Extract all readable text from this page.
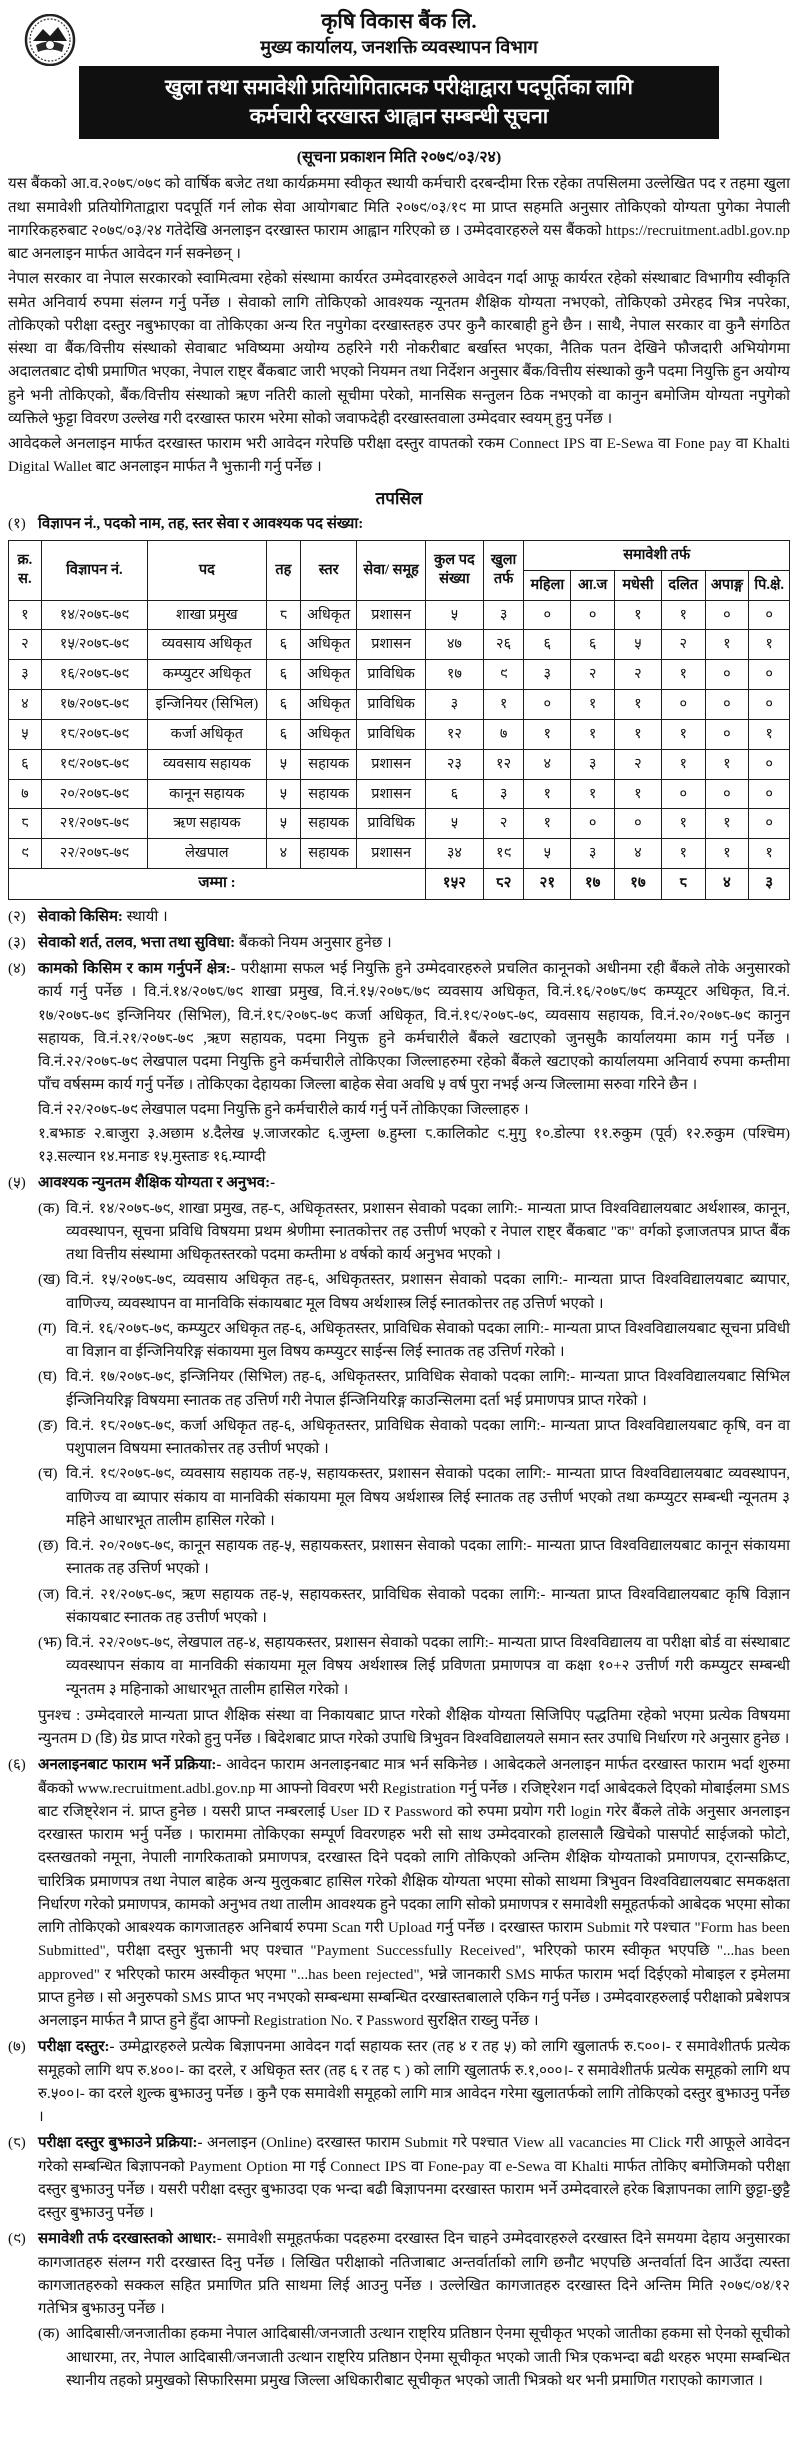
कृषि विकास बैंक लि.
मुख्य कार्यालय, जनशक्ति व्यवस्थापन विभाग
खुला तथा समावेशी प्रतियोगितात्मक परीक्षाद्वारा पदपूर्तिका लागि
कर्मचारी दरखास्त आह्वान सम्बन्धी सूचना
(सूचना प्रकाशन मिति २०७९/०३/२४)

यस बैंकको आ.व.२०७८/०७९ को वार्षिक बजेट तथा कार्यक्रममा स्वीकृत स्थायी कर्मचारी दरबन्दीमा रिक्त रहेका तपसिलमा उल्लेखित पद र तहमा खुला तथा समावेशी प्रतियोगिताद्वारा पदपूर्ति गर्न लोक सेवा आयोगबाट मिति २०७९/०३/१९ मा प्राप्त सहमति अनुसार तोकिएको योग्यता पुगेका नेपाली नागरिकहरुबाट २०७९/०३/२४ गतेदेखि अनलाइन दरखास्त फाराम आह्वान गरिएको छ । उम्मेदवारहरुले यस बैंकको https://recruitment.adbl.gov.np बाट अनलाइन मार्फत आवेदन गर्न सक्नेछन् ।

नेपाल सरकार वा नेपाल सरकारको स्वामित्वमा रहेको संस्थामा कार्यरत उम्मेदवारहरुले आवेदन गर्दा आफू कार्यरत रहेको संस्थाबाट विभागीय स्वीकृति समेत अनिवार्य रुपमा संलग्न गर्नु पर्नेछ । सेवाको लागि तोकिएको आवश्यक न्यूनतम शैक्षिक योग्यता नभएको, तोकिएको उमेरहद भित्र नपरेका, तोकिएको परीक्षा दस्तुर नबुझाएका वा तोकिएका अन्य रित नपुगेका दरखास्तहरु उपर कुनै कारबाही हुने छैन । साथै, नेपाल सरकार वा कुनै संगठित संस्था वा बैंक/वित्तीय संस्थाको सेवाबाट भविष्यमा अयोग्य ठहरिने गरी नोकरीबाट बर्खास्त भएका, नैतिक पतन देखिने फौजदारी अभियोगमा अदालतबाट दोषी प्रमाणित भएका, नेपाल राष्ट्र बैंकबाट जारी भएको नियमन तथा निर्देशन अनुसार बैंक/वित्तीय संस्थाको कुनै पदमा नियुक्ति हुन अयोग्य हुने भनी तोकिएको, बैंक/वित्तीय संस्थाको ऋण नतिरी कालो सूचीमा परेको, मानसिक सन्तुलन ठिक नभएको वा कानुन बमोजिम योग्यता नपुगेको व्यक्तिले झुट्टा विवरण उल्लेख गरी दरखास्त फारम भरेमा सोको जवाफदेही दरखास्तवाला उम्मेदवार स्वयम् हुनु पर्नेछ ।

आवेदकले अनलाइन मार्फत दरखास्त फाराम भरी आवेदन गरेपछि परीक्षा दस्तुर वापतको रकम Connect IPS वा E-Sewa वा Fone pay वा Khalti Digital Wallet बाट अनलाइन मार्फत नै भुक्तानी गर्नु पर्नेछ ।

तपसिल
(१) विज्ञापन नं., पदको नाम, तह, स्तर सेवा र आवश्यक पद संख्या:

क्र. स.	विज्ञापन नं.	पद	तह	स्तर	सेवा/ समूह	कुल पद संख्या	खुला तर्फ	समावेशी तर्फ					
								महिला	आ.ज	मधेसी	दलित	अपाङ्ग	पि.क्षे.
१	१४/२०७८-७९	शाखा प्रमुख	८	अधिकृत	प्रशासन	५	३	०	०	१	१	०	०
२	१५/२०७८-७९	व्यवसाय अधिकृत	६	अधिकृत	प्रशासन	४७	२६	६	६	५	२	१	१
३	१६/२०७८-७९	कम्प्युटर अधिकृत	६	अधिकृत	प्राविधिक	१७	९	३	२	२	१	०	०
४	१७/२०७८-७९	इन्जिनियर (सिभिल)	६	अधिकृत	प्राविधिक	३	१	०	१	१	०	०	०
५	१८/२०७८-७९	कर्जा अधिकृत	६	अधिकृत	प्राविधिक	१२	७	१	१	१	१	०	१
६	१९/२०७८-७९	व्यवसाय सहायक	५	सहायक	प्रशासन	२३	१२	४	३	२	१	१	०
७	२०/२०७८-७९	कानून सहायक	५	सहायक	प्रशासन	६	३	१	१	१	०	०	०
८	२१/२०७८-७९	ऋण सहायक	५	सहायक	प्राविधिक	५	२	१	०	०	१	१	०
९	२२/२०७८-७९	लेखपाल	४	सहायक	प्रशासन	३४	१९	५	३	४	१	१	१
जम्मा :						१५२	८२	२१	१७	१७	८	४	३
(२) सेवाको किसिम: स्थायी ।

(३) सेवाको शर्त, तलव, भत्ता तथा सुविधा: बैंकको नियम अनुसार हुनेछ ।

(४) कामको किसिम र काम गर्नुपर्ने क्षेत्र:- परीक्षामा सफल भई नियुक्ति हुने उम्मेदवारहरुले प्रचलित कानूनको अधीनमा रही बैंकले तोके अनुसारको कार्य गर्नु पर्नेछ । वि.नं.१४/२०७८/७९ शाखा प्रमुख, वि.नं.१५/२०७८/७९ व्यवसाय अधिकृत, वि.नं.१६/२०७८/७९ कम्प्यूटर अधिकृत, वि.नं. १७/२०७८-७९ इन्जिनियर (सिभिल), वि.नं.१८/२०७८-७९ कर्जा अधिकृत, वि.नं.१९/२०७८-७९, व्यवसाय सहायक, वि.नं.२०/२०७८-७९ कानुन सहायक, वि.नं.२१/२०७८-७९ ,ऋण सहायक, पदमा नियुक्त हुने कर्मचारीले बैंकले खटाएको जुनसुकै कार्यालयमा काम गर्नु पर्नेछ । वि.नं.२२/२०७८-७९ लेखपाल पदमा नियुक्ति हुने कर्मचारीले तोकिएका जिल्लाहरुमा रहेको बैंकले खटाएको कार्यालयमा अनिवार्य रुपमा कम्तीमा पाँच वर्षसम्म कार्य गर्नु पर्नेछ । तोकिएका देहायका जिल्ला बाहेक सेवा अवधि ५ वर्ष पुरा नभई अन्य जिल्लामा सरुवा गरिने छैन ।

वि.नं २२/२०७८-७९ लेखपाल पदमा नियुक्ति हुने कर्मचारीले कार्य गर्नु पर्ने तोकिएका जिल्लाहरु ।

१.बझाङ २.बाजुरा ३.अछाम ४.दैलेख ५.जाजरकोट ६.जुम्ला ७.हुम्ला ८.कालिकोट ९.मुगु १०.डोल्पा ११.रुकुम (पूर्व) १२.रुकुम (पश्चिम) १३.सल्यान १४.मनाङ १५.मुस्ताङ १६.म्याग्दी

(५) आवश्यक न्युनतम शैक्षिक योग्यता र अनुभव:-

(क) वि.नं. १४/२०७८-७९, शाखा प्रमुख, तह-८, अधिकृतस्तर, प्रशासन सेवाको पदका लागि:- मान्यता प्राप्त विश्वविद्यालयबाट अर्थशास्त्र, कानून, व्यवस्थापन, सूचना प्रविधि विषयमा प्रथम श्रेणीमा स्नातकोत्तर तह उत्तीर्ण भएको र नेपाल राष्ट्र बैंकबाट "क" वर्गको इजाजतपत्र प्राप्त बैंक तथा वित्तीय संस्थामा अधिकृतस्तरको पदमा कम्तीमा ४ वर्षको कार्य अनुभव भएको ।

(ख) वि.नं. १५/२०७८-७९, व्यवसाय अधिकृत तह-६, अधिकृतस्तर, प्रशासन सेवाको पदका लागि:- मान्यता प्राप्त विश्वविद्यालयबाट ब्यापार, वाणिज्य, व्यवस्थापन वा मानविकि संकायबाट मूल विषय अर्थशास्त्र लिई स्नातकोत्तर तह उत्तिर्ण भएको ।

(ग) वि.नं. १६/२०७८-७९, कम्प्युटर अधिकृत तह-६, अधिकृतस्तर, प्राविधिक सेवाको पदका लागि:- मान्यता प्राप्त विश्वविद्यालयबाट सूचना प्रविधी वा विज्ञान वा ईन्जिनियरिङ्ग संकायमा मुल विषय कम्प्युटर साईन्स लिई स्नातक तह उत्तिर्ण गरेको ।

(घ) वि.नं. १७/२०७८-७९, इन्जिनियर (सिभिल) तह-६, अधिकृतस्तर, प्राविधिक सेवाको पदका लागि:- मान्यता प्राप्त विश्वविद्यालयबाट सिभिल ईन्जिनियरिङ्ग विषयमा स्नातक तह उत्तिर्ण गरी नेपाल ईन्जिनियरिङ्ग काउन्सिलमा दर्ता भई प्रमाणपत्र प्राप्त गरेको ।

(ङ) वि.नं. १८/२०७८-७९, कर्जा अधिकृत तह-६, अधिकृतस्तर, प्राविधिक सेवाको पदका लागि:- मान्यता प्राप्त विश्वविद्यालयबाट कृषि, वन वा पशुपालन विषयमा स्नातकोत्तर तह उत्तीर्ण भएको ।

(च) वि.नं. १९/२०७८-७९, व्यवसाय सहायक तह-५, सहायकस्तर, प्रशासन सेवाको पदका लागि:- मान्यता प्राप्त विश्वविद्यालयबाट व्यवस्थापन, वाणिज्य वा ब्यापार संकाय वा मानविकी संकायमा मूल विषय अर्थशास्त्र लिई स्नातक तह उत्तीर्ण भएको तथा कम्प्युटर सम्बन्धी न्यूनतम ३ महिने आधारभूत तालीम हासिल गरेको ।

(छ) वि.नं. २०/२०७८-७९, कानून सहायक तह-५, सहायकस्तर, प्रशासन सेवाको पदका लागि:- मान्यता प्राप्त विश्वविद्यालयबाट कानून संकायमा स्नातक तह उत्तिर्ण भएको ।

(ज) वि.नं. २१/२०७८-७९, ऋण सहायक तह-५, सहायकस्तर, प्राविधिक सेवाको पदका लागि:- मान्यता प्राप्त विश्वविद्यालयबाट कृषि विज्ञान संकायबाट स्नातक तह उत्तीर्ण भएको ।

(झ) वि.नं. २२/२०७८-७९, लेखपाल तह-४, सहायकस्तर, प्रशासन सेवाको पदका लागि:- मान्यता प्राप्त विश्वविद्यालय वा परीक्षा बोर्ड वा संस्थाबाट व्यवस्थापन संकाय वा मानविकी संकायमा मूल विषय अर्थशास्त्र लिई प्रविणता प्रमाणपत्र वा कक्षा १०+२ उत्तीर्ण गरी कम्प्युटर सम्बन्धी न्यूनतम ३ महिनाको आधारभूत तालीम हासिल गरेको ।

पुनश्च : उम्मेदवारले मान्यता प्राप्त शैक्षिक संस्था वा निकायबाट प्राप्त गरेको शैक्षिक योग्यता सिजिपिए पद्धतिमा रहेको भएमा प्रत्येक विषयमा न्युनतम D (डि) ग्रेड प्राप्त गरेको हुनु पर्नेछ । बिदेशबाट प्राप्त गरेको उपाधि त्रिभुवन विश्वविद्यालयले समान स्तर उपाधि निर्धारण गरे अनुसार हुनेछ ।

(६) अनलाइनबाट फाराम भर्ने प्रक्रिया:- आवेदन फाराम अनलाइनबाट मात्र भर्न सकिनेछ । आबेदकले अनलाइन मार्फत दरखास्त फाराम भर्दा शुरुमा बैंकको www.recruitment.adbl.gov.np मा आफ्नो विवरण भरी Registration गर्नु पर्नेछ । रजिष्ट्रेशन गर्दा आबेदकले दिएको मोबाईलमा SMS बाट रजिष्ट्रेशन नं. प्राप्त हुनेछ । यसरी प्राप्त नम्बरलाई User ID र Password को रुपमा प्रयोग गरी login गरेर बैंकले तोके अनुसार अनलाइन दरखास्त फाराम भर्नु पर्नेछ । फाराममा तोकिएका सम्पूर्ण विवरणहरु भरी सो साथ उम्मेदवारको हालसालै खिचेको पासपोर्ट साईजको फोटो, दस्तखतको नमूना, नेपाली नागरिकताको प्रमाणपत्र, दरखास्त दिने पदको लागि तोकिएको अन्तिम शैक्षिक योग्यताको प्रमाणपत्र, ट्रान्सक्रिप्ट, चारित्रिक प्रमाणपत्र तथा नेपाल बाहेक अन्य मुलुकबाट हासिल गरेको शैक्षिक योग्यता भएमा सोको साथमा त्रिभुवन विश्वविद्यालयबाट समकक्षता निर्धारण गरेको प्रमाणपत्र, कामको अनुभव तथा तालीम आवश्यक हुने पदका लागि सोको प्रमाणपत्र र समावेशी समूहतर्फको आबेदक भएमा सोका लागि तोकिएको आबश्यक कागजातहरु अनिबार्य रुपमा Scan गरी Upload गर्नु पर्नेछ । दरखास्त फाराम Submit गरे पश्चात "Form has been Submitted", परीक्षा दस्तुर भुक्तानी भए पश्चात "Payment Successfully Received", भरिएको फारम स्वीकृत भएपछि "...has been approved" र भरिएको फारम अस्वीकृत भएमा "...has been rejected", भन्ने जानकारी SMS मार्फत फाराम भर्दा दिईएको मोबाइल र इमेलमा प्राप्त हुनेछ । सो अनुरुपको SMS प्राप्त भए नभएको सम्बन्धमा सम्बन्धित दरखास्तबालाले एकिन गर्नु पर्नेछ । उम्मेदवारहरुलाई परीक्षाको प्रबेशपत्र अनलाइन मार्फत नै प्राप्त हुने हुँदा आफ्नो Registration No. र Password सुरक्षित राख्नु पर्नेछ ।

(७) परीक्षा दस्तुर:- उम्मेद्वारहरुले प्रत्येक बिज्ञापनमा आवेदन गर्दा सहायक स्तर (तह ४ र तह ५) को लागि खुलातर्फ रु.८००।- र समावेशीतर्फ प्रत्येक समूहको लागि थप रु.४००।- का दरले, र अधिकृत स्तर (तह ६ र तह ८ ) को लागि खुलातर्फ रु.१,०००।- र समावेशीतर्फ प्रत्येक समूहको लागि थप रु.५००।- का दरले शुल्क बुझाउनु पर्नेछ । कुनै एक समावेशी समूहको लागि मात्र आवेदन गरेमा खुलातर्फको लागि तोकिएको दस्तुर बुझाउनु पर्नेछ ।

(८) परीक्षा दस्तुर बुझाउने प्रक्रिया:- अनलाइन (Online) दरखास्त फाराम Submit गरे पश्चात View all vacancies मा Click गरी आफूले आवेदन गरेको सम्बन्धित बिज्ञापनको Payment Option मा गई Connect IPS वा Fone-pay वा e-Sewa वा Khalti मार्फत तोकिए बमोजिमको परीक्षा दस्तुर बुझाउनु पर्नेछ । यसरी परीक्षा दस्तुर बुझाउदा एक भन्दा बढी बिज्ञापनमा दरखास्त फाराम भर्ने उम्मेदवारले हरेक बिज्ञापनका लागि छुट्टा-छुट्टै दस्तुर बुझाउनु पर्नेछ ।

(९) समावेशी तर्फ दरखास्तको आधार:- समावेशी समूहतर्फका पदहरुमा दरखास्त दिन चाहने उम्मेदवारहरुले दरखास्त दिने समयमा देहाय अनुसारका कागजातहरु संलग्न गरी दरखास्त दिनु पर्नेछ । लिखित परीक्षाको नतिजाबाट अन्तर्वार्ताको लागि छनौट भएपछि अन्तर्वार्ता दिन आउँदा त्यस्ता कागजातहरुको सक्कल सहित प्रमाणित प्रति साथमा लिई आउनु पर्नेछ । उल्लेखित कागजातहरु दरखास्त दिने अन्तिम मिति २०७९/०४/१२ गतेभित्र बुझाउनु पर्नेछ ।

(क) आदिबासी/जनजातीका हकमा नेपाल आदिबासी/जनजाती उत्थान राष्ट्रिय प्रतिष्ठान ऐनमा सूचीकृत भएको जातीका हकमा सो ऐनको सूचीको आधारमा, तर, नेपाल आदिबासी/जनजाती उत्थान राष्ट्रिय प्रतिष्ठान ऐनमा सूचीकृत भएको जाती भित्र एकभन्दा बढी थरहरु भएमा सम्बन्धित स्थानीय तहको प्रमुखको सिफारिसमा प्रमुख जिल्ला अधिकारीबाट सूचीकृत भएको जाती भित्रको थर भनी प्रमाणित गराएको कागजात ।
